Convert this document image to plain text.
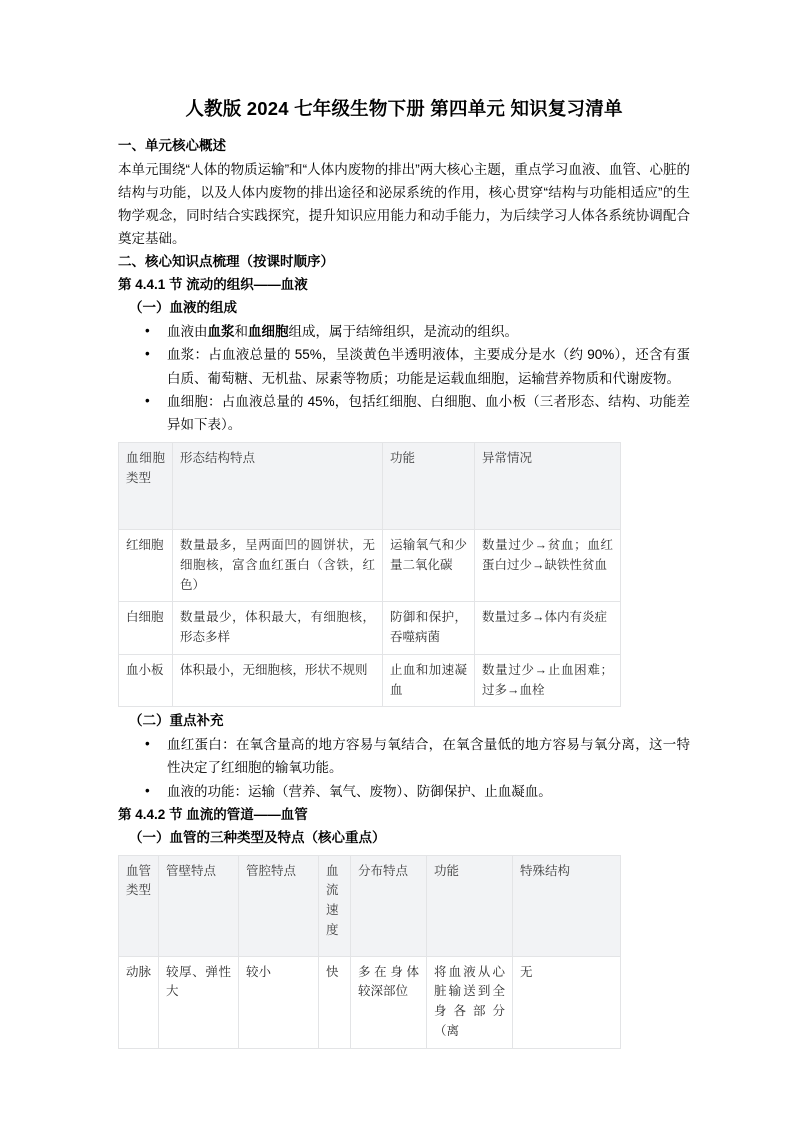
人教版 2024 七年级生物下册 第四单元 知识复习清单
一、单元核心概述

本单元围绕“人体的物质运输”和“人体内废物的排出”两大核心主题，重点学习血液、血管、心脏的结构与功能，以及人体内废物的排出途径和泌尿系统的作用，核心贯穿“结构与功能相适应”的生物学观念，同时结合实践探究，提升知识应用能力和动手能力，为后续学习人体各系统协调配合奠定基础。

二、核心知识点梳理（按课时顺序）
第 4.4.1 节 流动的组织——血液
（一）血液的组成
• 血液由血浆和血细胞组成，属于结缔组织，是流动的组织。
• 血浆：占血液总量的 55%，呈淡黄色半透明液体，主要成分是水（约 90%），还含有蛋白质、葡萄糖、无机盐、尿素等物质；功能是运载血细胞，运输营养物质和代谢废物。
• 血细胞：占血液总量的 45%，包括红细胞、白细胞、血小板（三者形态、结构、功能差异如下表）。
血细胞类型	形态结构特点	功能	异常情况
红细胞	数量最多，呈两面凹的圆饼状，无细胞核，富含血红蛋白（含铁，红色）	运输氧气和少量二氧化碳	数量过少→贫血；血红蛋白过少→缺铁性贫血
白细胞	数量最少，体积最大，有细胞核，形态多样	防御和保护，吞噬病菌	数量过多→体内有炎症
血小板	体积最小，无细胞核，形状不规则	止血和加速凝血	数量过少→止血困难；过多→血栓
（二）重点补充
• 血红蛋白：在氧含量高的地方容易与氧结合，在氧含量低的地方容易与氧分离，这一特性决定了红细胞的输氧功能。
• 血液的功能：运输（营养、氧气、废物）、防御保护、止血凝血。
第 4.4.2 节 血流的管道——血管
（一）血管的三种类型及特点（核心重点）
血管类型	管壁特点	管腔特点	血流速度	分布特点	功能	特殊结构
动脉	较厚、弹性大	较小	快	多在身体较深部位	将血液从心脏输送到全身各部分（离	无
